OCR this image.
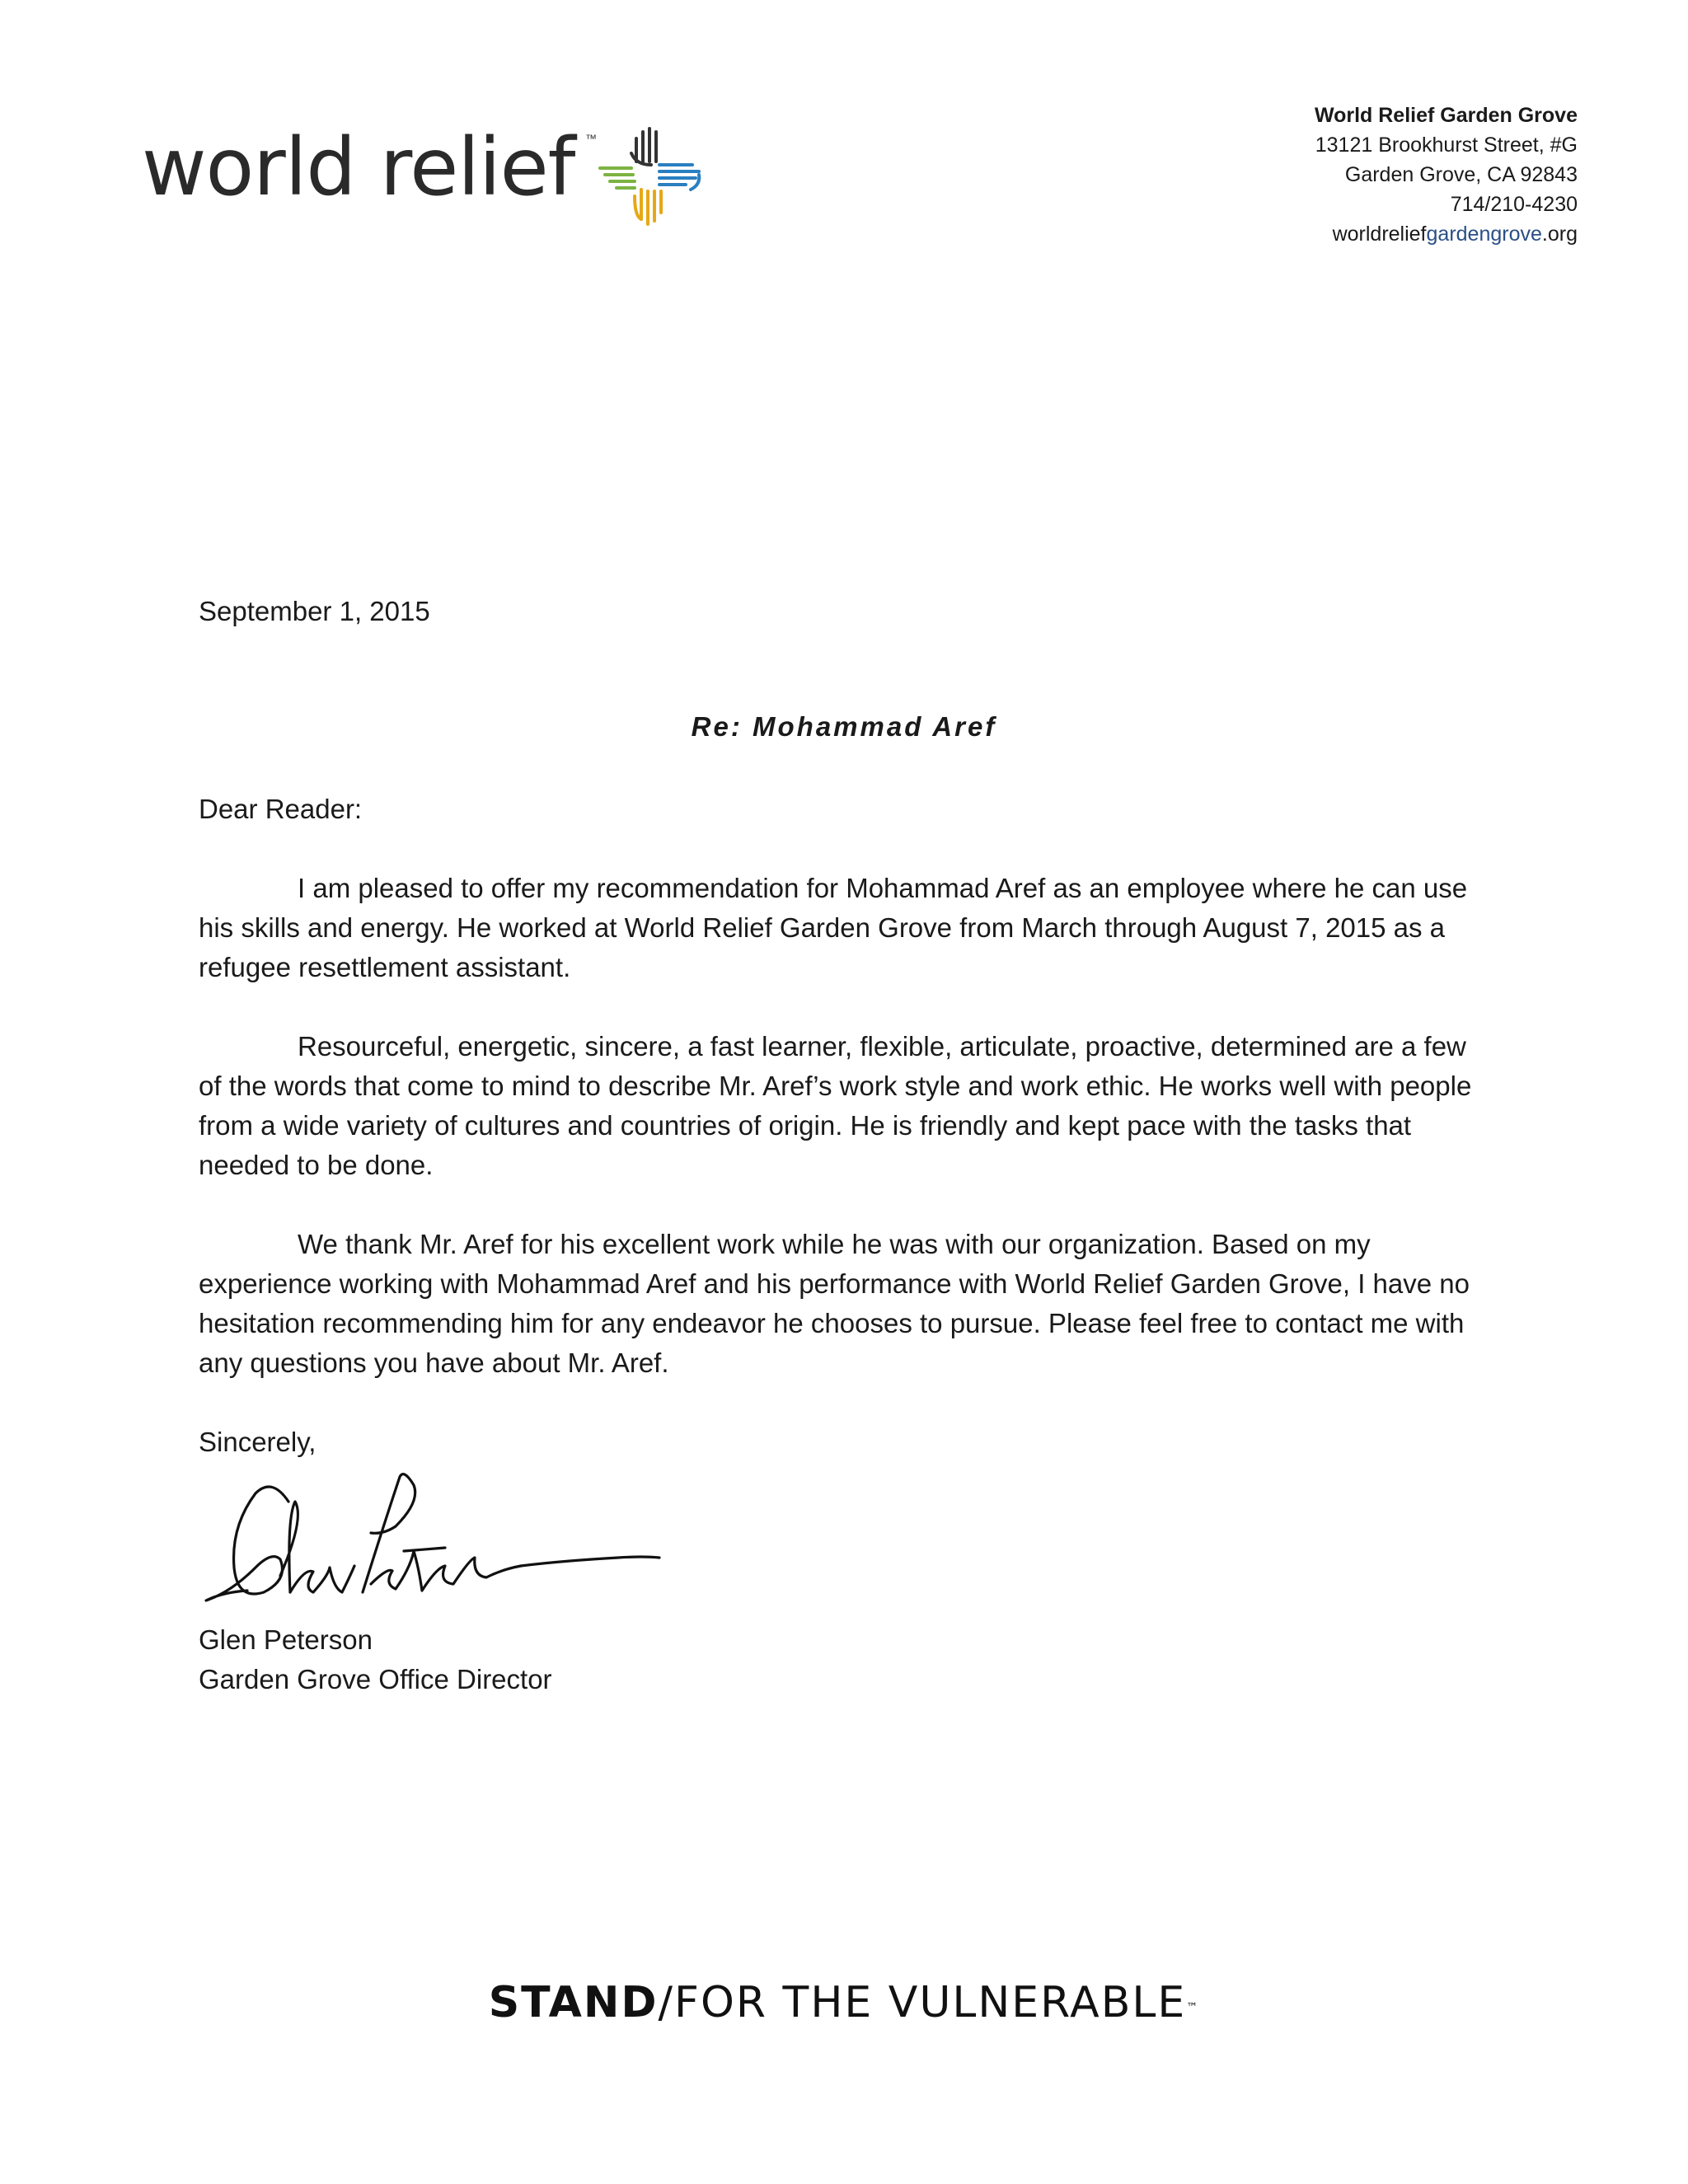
world relief ™
World Relief Garden Grove
13121 Brookhurst Street, #G
Garden Grove, CA 92843
714/210-4230
worldreliefgardengrove.org
September 1, 2015
Re: Mohammad Aref
Dear Reader:

I am pleased to offer my recommendation for Mohammad Aref as an employee where he can use his skills and energy. He worked at World Relief Garden Grove from March through August 7, 2015 as a refugee resettlement assistant.

Resourceful, energetic, sincere, a fast learner, flexible, articulate, proactive, determined are a few of the words that come to mind to describe Mr. Aref’s work style and work ethic. He works well with people from a wide variety of cultures and countries of origin. He is friendly and kept pace with the tasks that needed to be done.

We thank Mr. Aref for his excellent work while he was with our organization. Based on my experience working with Mohammad Aref and his performance with World Relief Garden Grove, I have no hesitation recommending him for any endeavor he chooses to pursue. Please feel free to contact me with any questions you have about Mr. Aref.

Sincerely,
Glen Peterson
Garden Grove Office Director
STAND/FOR THE VULNERABLE™
